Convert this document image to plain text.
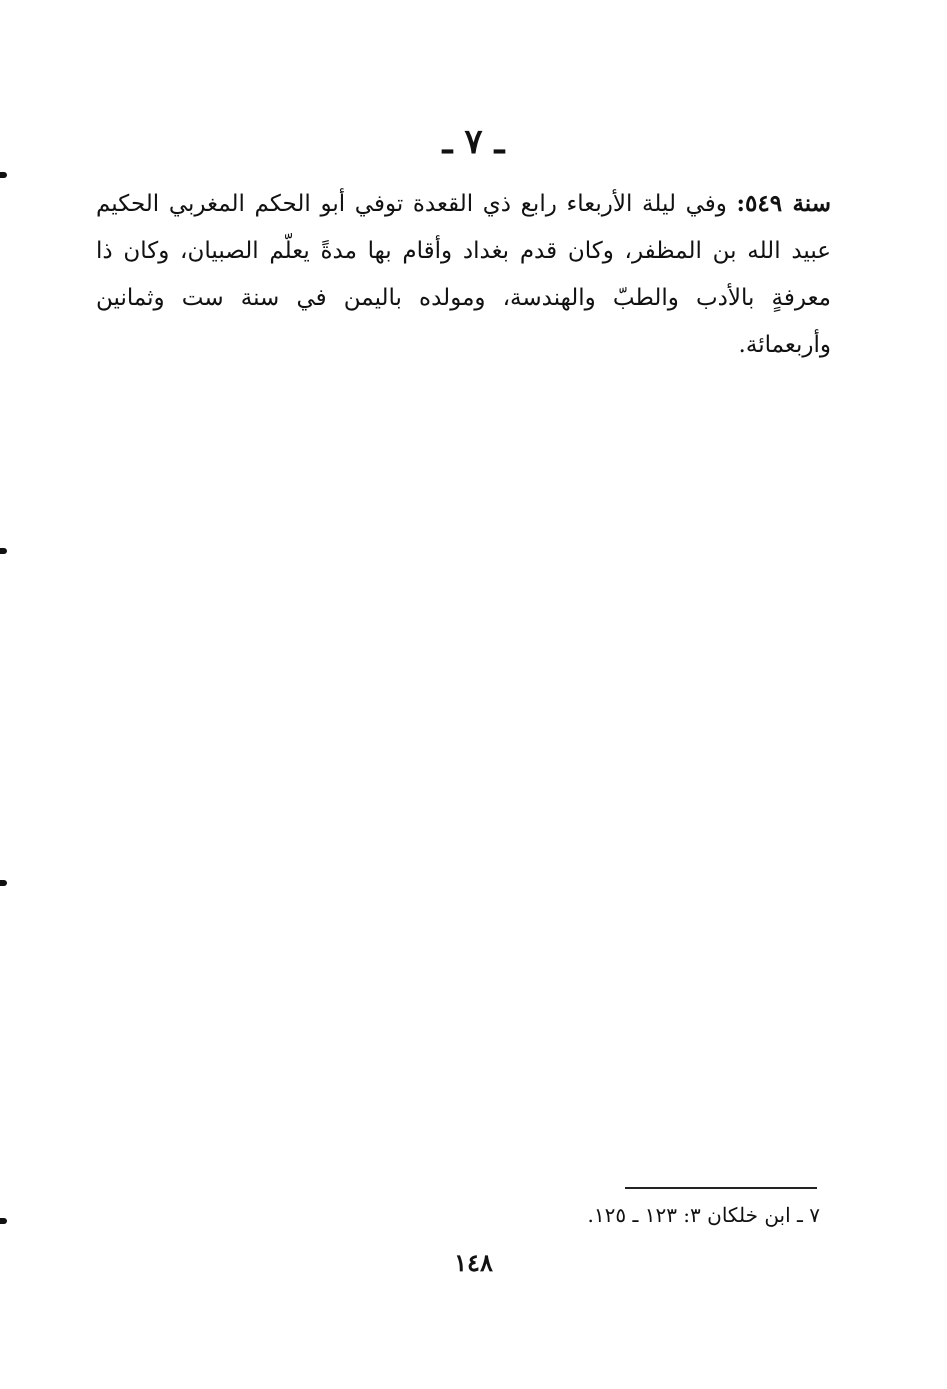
ـ ٧ ـ

سنة ٥٤٩: وفي ليلة الأربعاء رابع ذي القعدة توفي أبو الحكم المغربي الحكيم عبيد الله بن المظفر، وكان قدم بغداد وأقام بها مدةً يعلّم الصبيان، وكان ذا معرفةٍ بالأدب والطبّ والهندسة، ومولده باليمن في سنة ست وثمانين وأربعمائة.

٧ ـ ابن خلكان ٣: ١٢٣ ـ ١٢٥.
١٤٨
